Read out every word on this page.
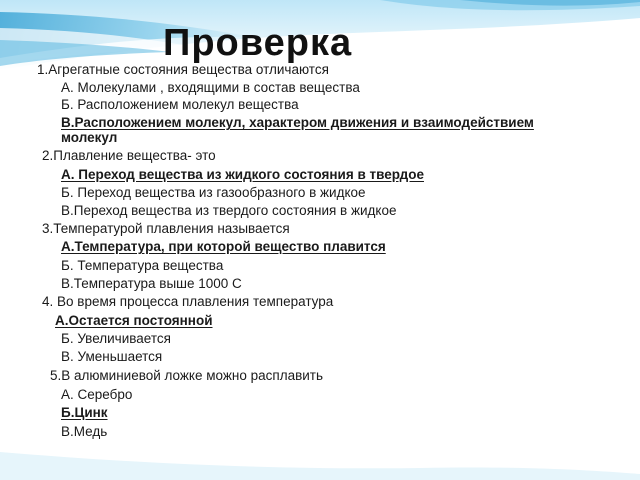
Проверка
1.Агрегатные состояния вещества отличаются
А. Молекулами , входящими в состав вещества
Б. Расположением молекул вещества
В.Расположением молекул, характером движения и взаимодействием
молекул
2.Плавление вещества- это
А. Переход вещества из жидкого состояния в твердое
Б. Переход вещества из газообразного в жидкое
В.Переход вещества из твердого состояния в жидкое
3.Температурой плавления называется
А.Температура, при которой вещество плавится
Б. Температура вещества
В.Температура выше 1000 С
4. Во время процесса плавления температура
А.Остается постоянной
Б. Увеличивается
В. Уменьшается
5.В алюминиевой ложке можно расплавить
А. Серебро
Б.Цинк
В.Медь
